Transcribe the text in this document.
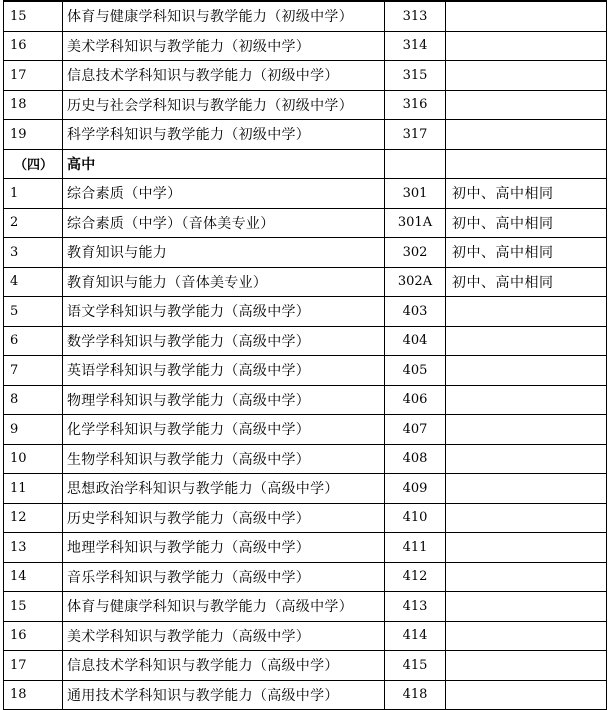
15	体育与健康学科知识与教学能力（初级中学）	313	
16	美术学科知识与教学能力（初级中学）	314	
17	信息技术学科知识与教学能力（初级中学）	315	
18	历史与社会学科知识与教学能力（初级中学）	316	
19	科学学科知识与教学能力（初级中学）	317	
（四）	高中		
1	综合素质（中学）	301	初中、高中相同
2	综合素质（中学）（音体美专业）	301A	初中、高中相同
3	教育知识与能力	302	初中、高中相同
4	教育知识与能力（音体美专业）	302A	初中、高中相同
5	语文学科知识与教学能力（高级中学）	403	
6	数学学科知识与教学能力（高级中学）	404	
7	英语学科知识与教学能力（高级中学）	405	
8	物理学科知识与教学能力（高级中学）	406	
9	化学学科知识与教学能力（高级中学）	407	
10	生物学科知识与教学能力（高级中学）	408	
11	思想政治学科知识与教学能力（高级中学）	409	
12	历史学科知识与教学能力（高级中学）	410	
13	地理学科知识与教学能力（高级中学）	411	
14	音乐学科知识与教学能力（高级中学）	412	
15	体育与健康学科知识与教学能力（高级中学）	413	
16	美术学科知识与教学能力（高级中学）	414	
17	信息技术学科知识与教学能力（高级中学）	415	
18	通用技术学科知识与教学能力（高级中学）	418	
